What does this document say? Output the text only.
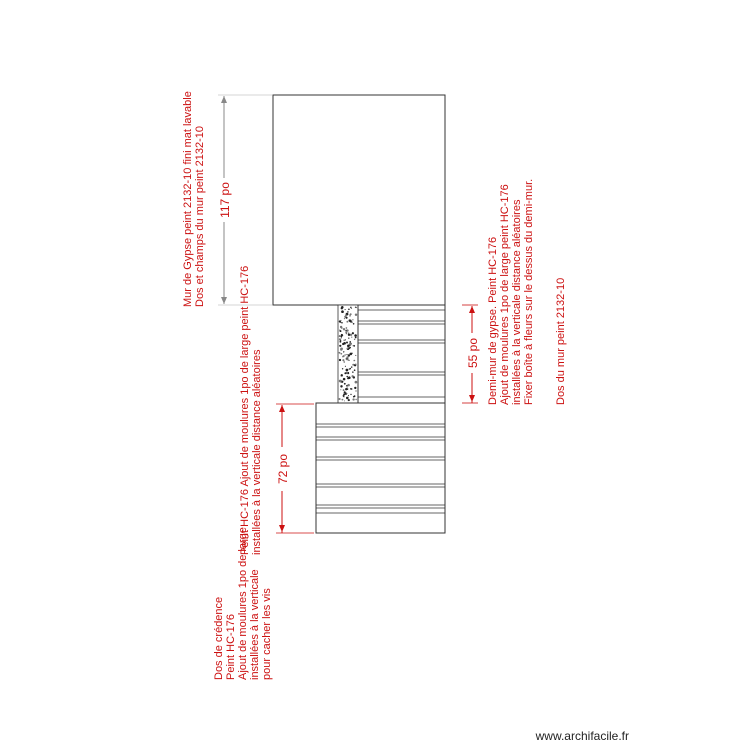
117 po
55 po
72 po
Mur de Gypse peint 2132-10 fini mat lavable Dos et champs du mur peint 2132-10
Demi-mur de gypse. Peint HC-176 Ajout de moulures 1po de large peint HC-176 installées à la verticale distance aléatoires Fixer boîte à fleurs sur le dessus du demi-mur. Dos du mur peint 2132-10
Dos de crédence Peint HC-176 Ajout de moulures 1po de large installées à la verticale pour cacher les vis
Peint HC-176 Ajout de moulures 1po de large peint HC-176 installées à la verticale distance aléatoires
www.archifacile.fr
